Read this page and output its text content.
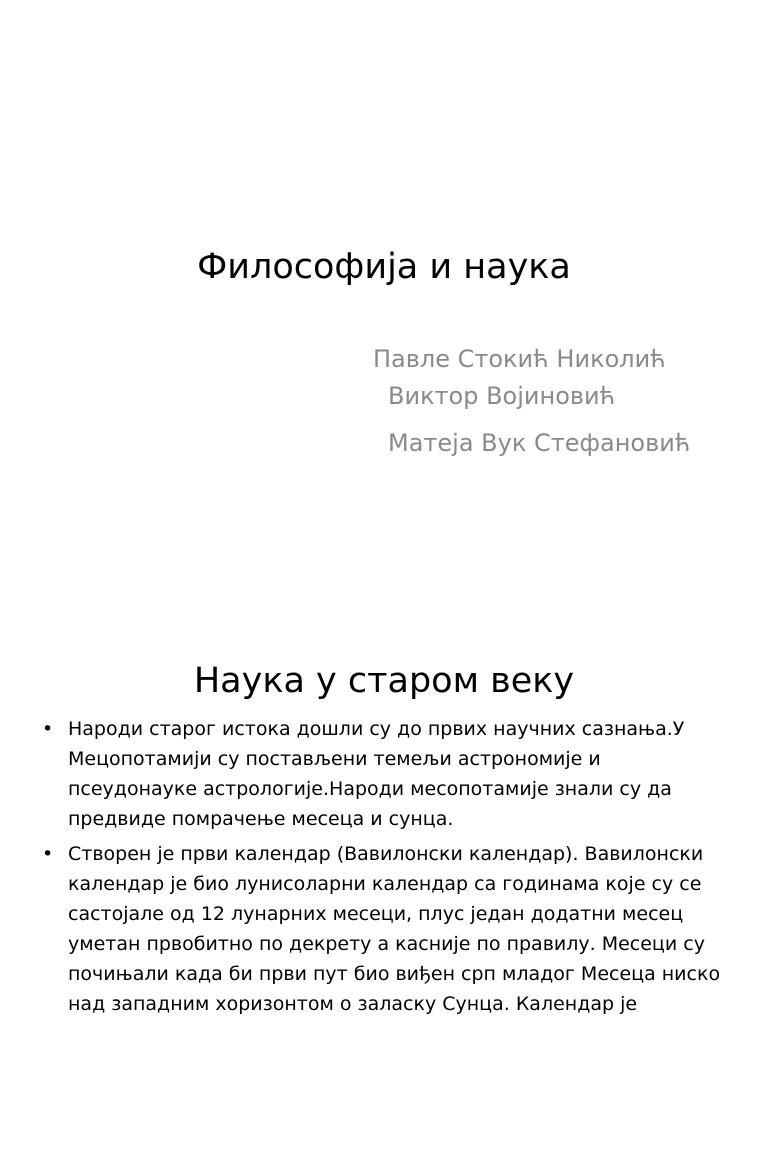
Философија и наука
Павле Стокић Николић
Виктор Војиновић
Матеја Вук Стефановић
Наука у старом веку
• Народи старог истока дошли су до првих научних сазнања.У Мецопотамији су постављени темељи астрономије и псеудонауке астрологије.Народи месопотамије знали су да предвиде помрачење месеца и сунца.
• Створен је први календар (Вавилонски календар). Вавилонски календар је био лунисоларни календар са годинама које су се састојале од 12 лунарних месеци, плус један додатни месец уметан првобитно по декрету а касније по правилу. Месеци су почињали када би први пут био виђен срп младог Месеца ниско над западним хоризонтом о заласку Сунца. Календар је
